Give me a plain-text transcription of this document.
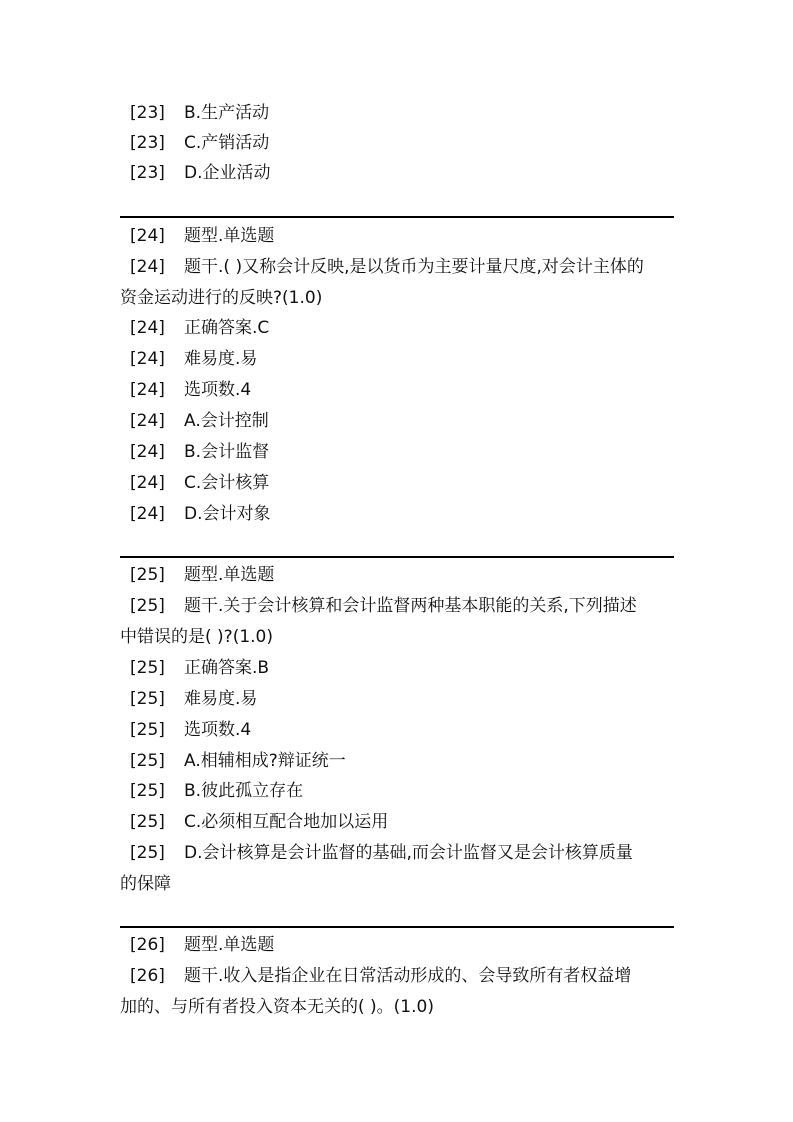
[23] B.生产活动
[23] C.产销活动
[23] D.企业活动
[24] 题型.单选题
[24] 题干.( )又称会计反映,是以货币为主要计量尺度,对会计主体的
资金运动进行的反映?(1.0)
[24] 正确答案.C
[24] 难易度.易
[24] 选项数.4
[24] A.会计控制
[24] B.会计监督
[24] C.会计核算
[24] D.会计对象
[25] 题型.单选题
[25] 题干.关于会计核算和会计监督两种基本职能的关系,下列描述
中错误的是( )?(1.0)
[25] 正确答案.B
[25] 难易度.易
[25] 选项数.4
[25] A.相辅相成?辩证统一
[25] B.彼此孤立存在
[25] C.必须相互配合地加以运用
[25] D.会计核算是会计监督的基础,而会计监督又是会计核算质量
的保障
[26] 题型.单选题
[26] 题干.收入是指企业在日常活动形成的、会导致所有者权益增
加的、与所有者投入资本无关的( )。(1.0)
